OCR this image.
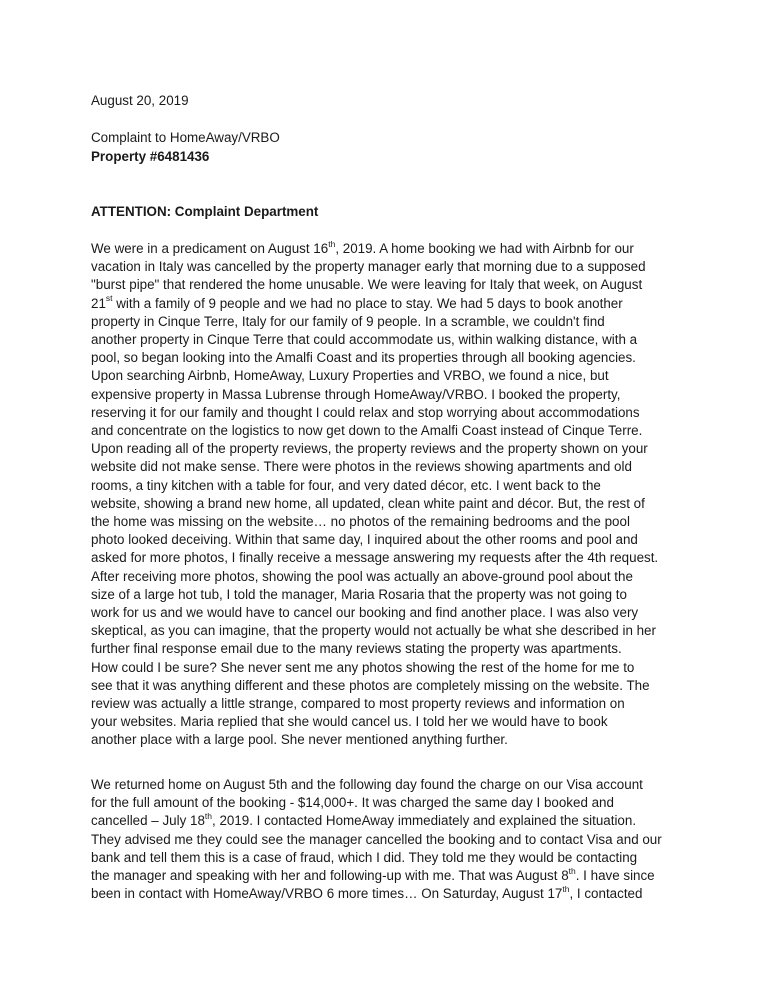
August 20, 2019

Complaint to HomeAway/VRBO

Property #6481436

ATTENTION: Complaint Department

We were in a predicament on August 16th, 2019. A home booking we had with Airbnb for our
vacation in Italy was cancelled by the property manager early that morning due to a supposed
"burst pipe" that rendered the home unusable. We were leaving for Italy that week, on August
21st with a family of 9 people and we had no place to stay. We had 5 days to book another
property in Cinque Terre, Italy for our family of 9 people. In a scramble, we couldn't find
another property in Cinque Terre that could accommodate us, within walking distance, with a
pool, so began looking into the Amalfi Coast and its properties through all booking agencies.
Upon searching Airbnb, HomeAway, Luxury Properties and VRBO, we found a nice, but
expensive property in Massa Lubrense through HomeAway/VRBO. I booked the property,
reserving it for our family and thought I could relax and stop worrying about accommodations
and concentrate on the logistics to now get down to the Amalfi Coast instead of Cinque Terre.
Upon reading all of the property reviews, the property reviews and the property shown on your
website did not make sense. There were photos in the reviews showing apartments and old
rooms, a tiny kitchen with a table for four, and very dated décor, etc. I went back to the
website, showing a brand new home, all updated, clean white paint and décor. But, the rest of
the home was missing on the website… no photos of the remaining bedrooms and the pool
photo looked deceiving. Within that same day, I inquired about the other rooms and pool and
asked for more photos, I finally receive a message answering my requests after the 4th request.
After receiving more photos, showing the pool was actually an above-ground pool about the
size of a large hot tub, I told the manager, Maria Rosaria that the property was not going to
work for us and we would have to cancel our booking and find another place. I was also very
skeptical, as you can imagine, that the property would not actually be what she described in her
further final response email due to the many reviews stating the property was apartments.
How could I be sure? She never sent me any photos showing the rest of the home for me to
see that it was anything different and these photos are completely missing on the website. The
review was actually a little strange, compared to most property reviews and information on
your websites. Maria replied that she would cancel us. I told her we would have to book
another place with a large pool. She never mentioned anything further.
We returned home on August 5th and the following day found the charge on our Visa account
for the full amount of the booking - $14,000+. It was charged the same day I booked and
cancelled – July 18th, 2019. I contacted HomeAway immediately and explained the situation.
They advised me they could see the manager cancelled the booking and to contact Visa and our
bank and tell them this is a case of fraud, which I did. They told me they would be contacting
the manager and speaking with her and following-up with me. That was August 8th. I have since
been in contact with HomeAway/VRBO 6 more times… On Saturday, August 17th, I contacted
